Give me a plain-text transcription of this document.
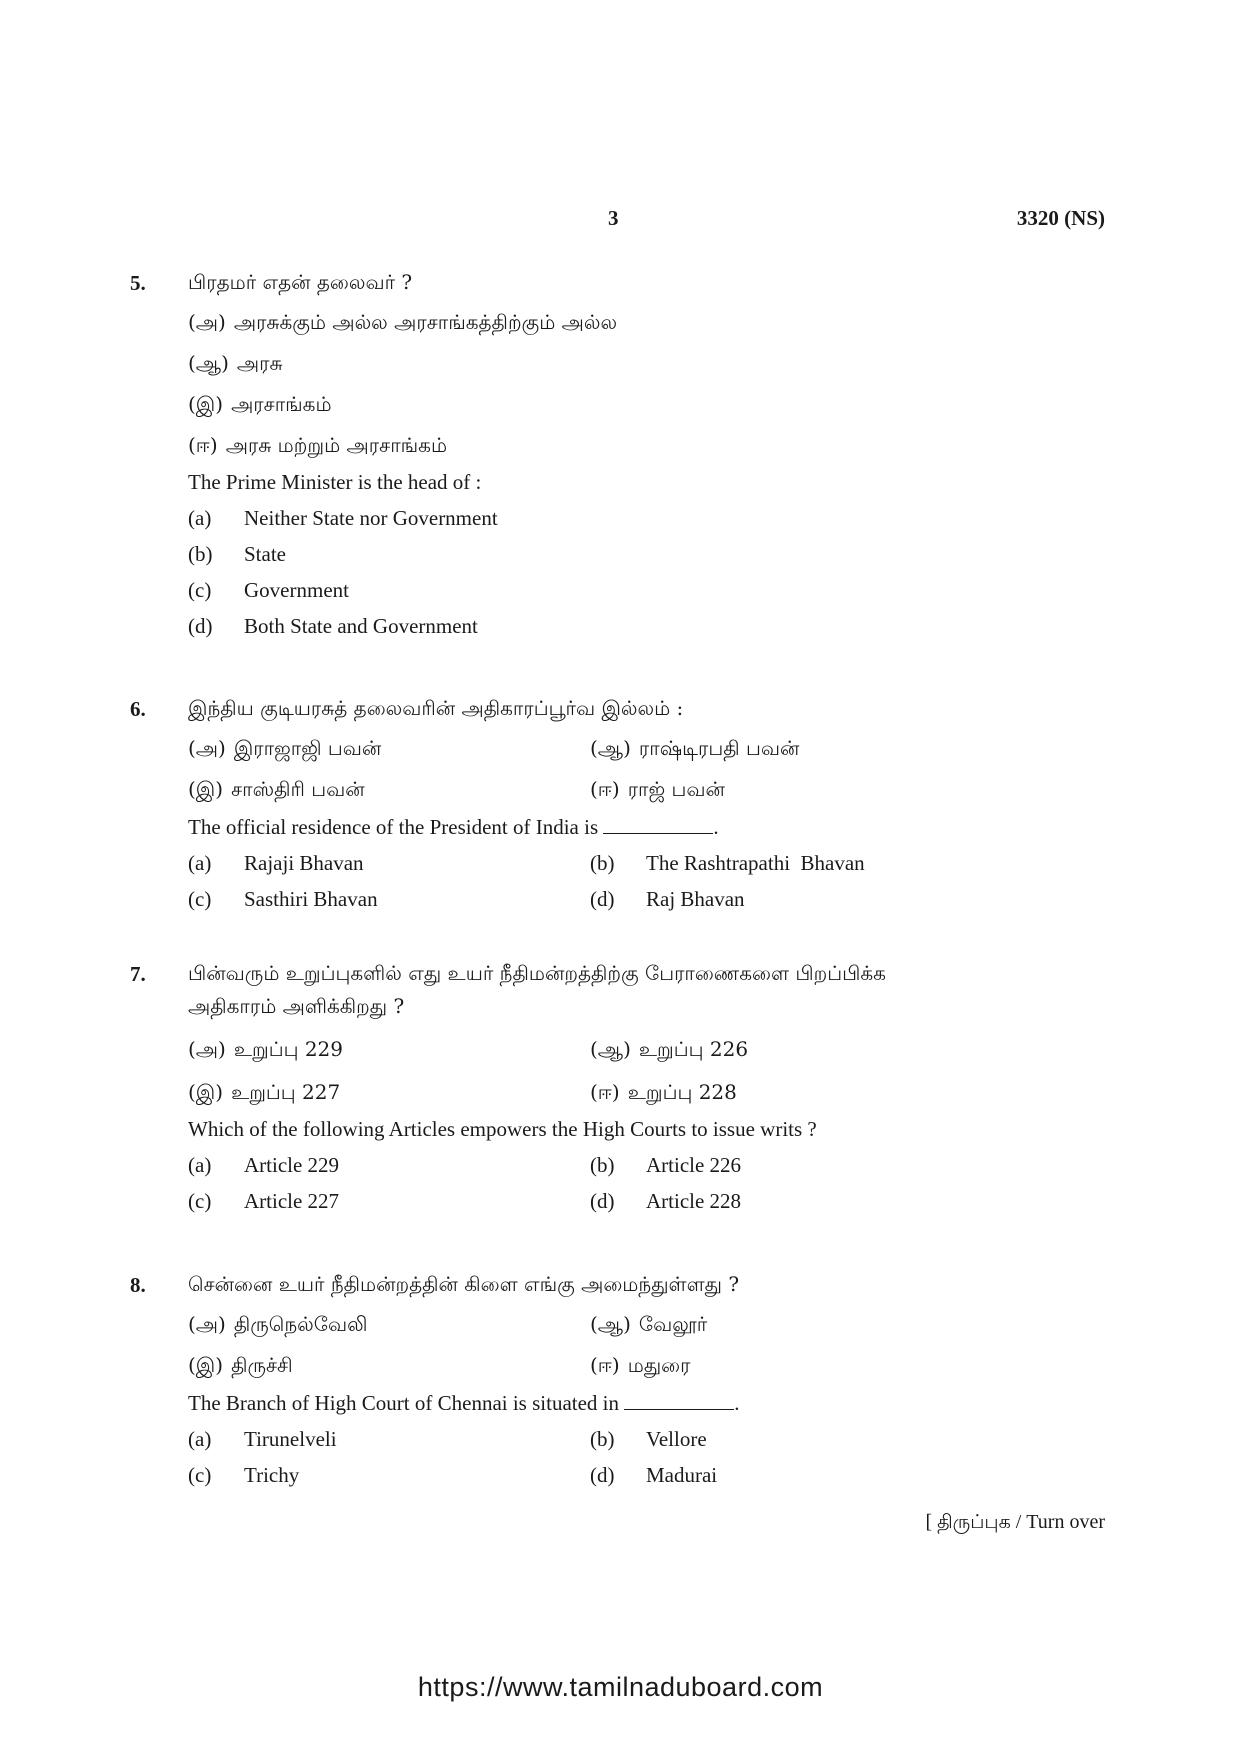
3	3320 (NS)
5. பிரதமர் எதன் தலைவர் ?
(அ) அரசுக்கும் அல்ல அரசாங்கத்திற்கும் அல்ல
(ஆ) அரசு
(இ) அரசாங்கம்
(ஈ) அரசு மற்றும் அரசாங்கம்
The Prime Minister is the head of :
(a) Neither State nor Government
(b) State
(c) Government
(d) Both State and Government
6. இந்திய குடியரசுத் தலைவரின் அதிகாரப்பூர்வ இல்லம் :
(அ) இராஜாஜி பவன்	(ஆ) ராஷ்டிரபதி பவன்
(இ) சாஸ்திரி பவன்	(ஈ) ராஜ் பவன்
The official residence of the President of India is	.
(a) Rajaji Bhavan	(b) The Rashtrapathi  Bhavan
(c) Sasthiri Bhavan	(d) Raj Bhavan
7. பின்வரும் உறுப்புகளில் எது உயர் நீதிமன்றத்திற்கு பேராணைகளை பிறப்பிக்க
அதிகாரம் அளிக்கிறது ?
(அ) உறுப்பு 229	(ஆ) உறுப்பு 226
(இ) உறுப்பு 227	(ஈ) உறுப்பு 228
Which of the following Articles empowers the High Courts to issue writs ?
(a) Article 229	(b) Article 226
(c) Article 227	(d) Article 228
8. சென்னை உயர் நீதிமன்றத்தின் கிளை எங்கு அமைந்துள்ளது ?
(அ) திருநெல்வேலி	(ஆ) வேலூர்
(இ) திருச்சி	(ஈ) மதுரை
The Branch of High Court of Chennai is situated in	.
(a) Tirunelveli	(b) Vellore
(c) Trichy	(d) Madurai
[ திருப்புக / Turn over
https://www.tamilnaduboard.com
